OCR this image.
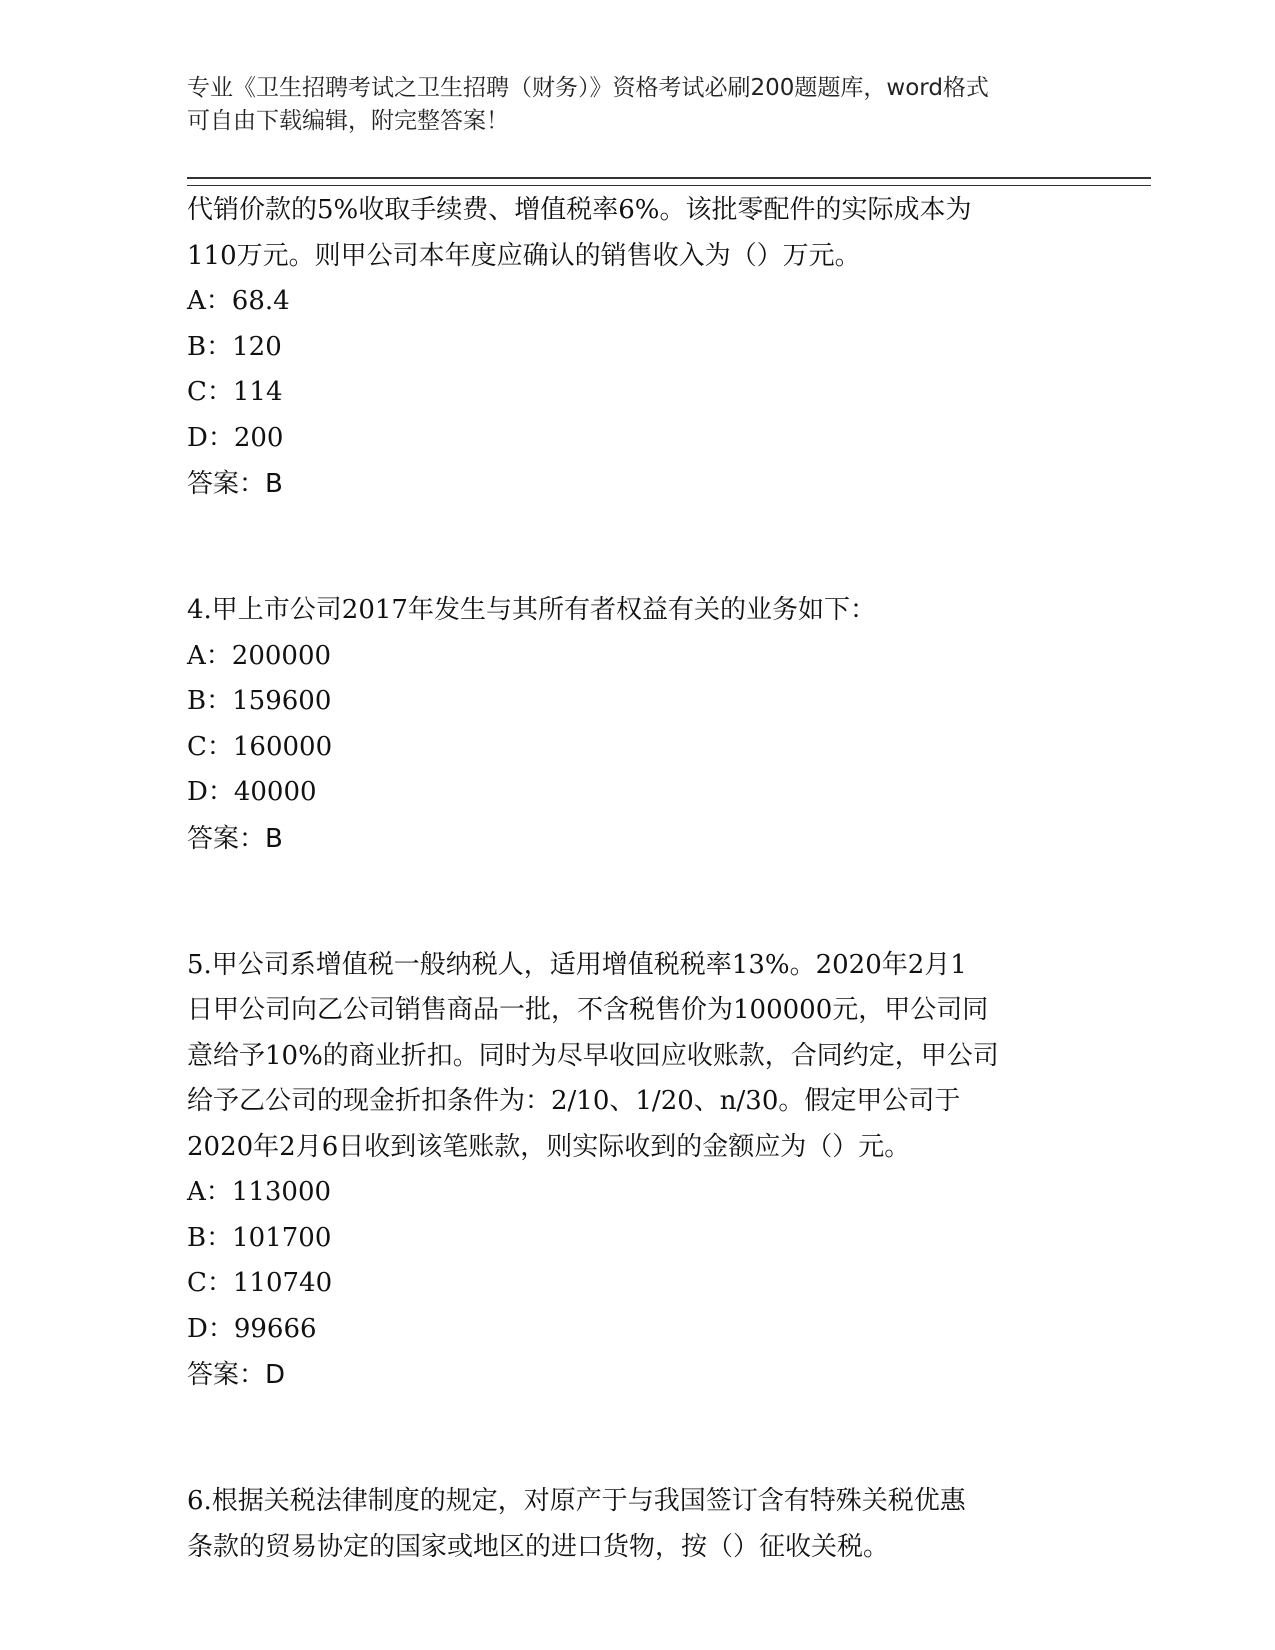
专业《卫生招聘考试之卫生招聘（财务）》资格考试必刷200题题库，word格式
可自由下载编辑，附完整答案！
代销价款的5%收取手续费、增值税率6%。该批零配件的实际成本为
110万元。则甲公司本年度应确认的销售收入为（）万元。
A：68.4
B：120
C：114
D：200
答案：B
4.甲上市公司2017年发生与其所有者权益有关的业务如下：
A：200000
B：159600
C：160000
D：40000
答案：B
5.甲公司系增值税一般纳税人，适用增值税税率13%。2020年2月1
日甲公司向乙公司销售商品一批，不含税售价为100000元，甲公司同
意给予10%的商业折扣。同时为尽早收回应收账款，合同约定，甲公司
给予乙公司的现金折扣条件为：2/10、1/20、n/30。假定甲公司于
2020年2月6日收到该笔账款，则实际收到的金额应为（）元。
A：113000
B：101700
C：110740
D：99666
答案：D
6.根据关税法律制度的规定，对原产于与我国签订含有特殊关税优惠
条款的贸易协定的国家或地区的进口货物，按（）征收关税。
